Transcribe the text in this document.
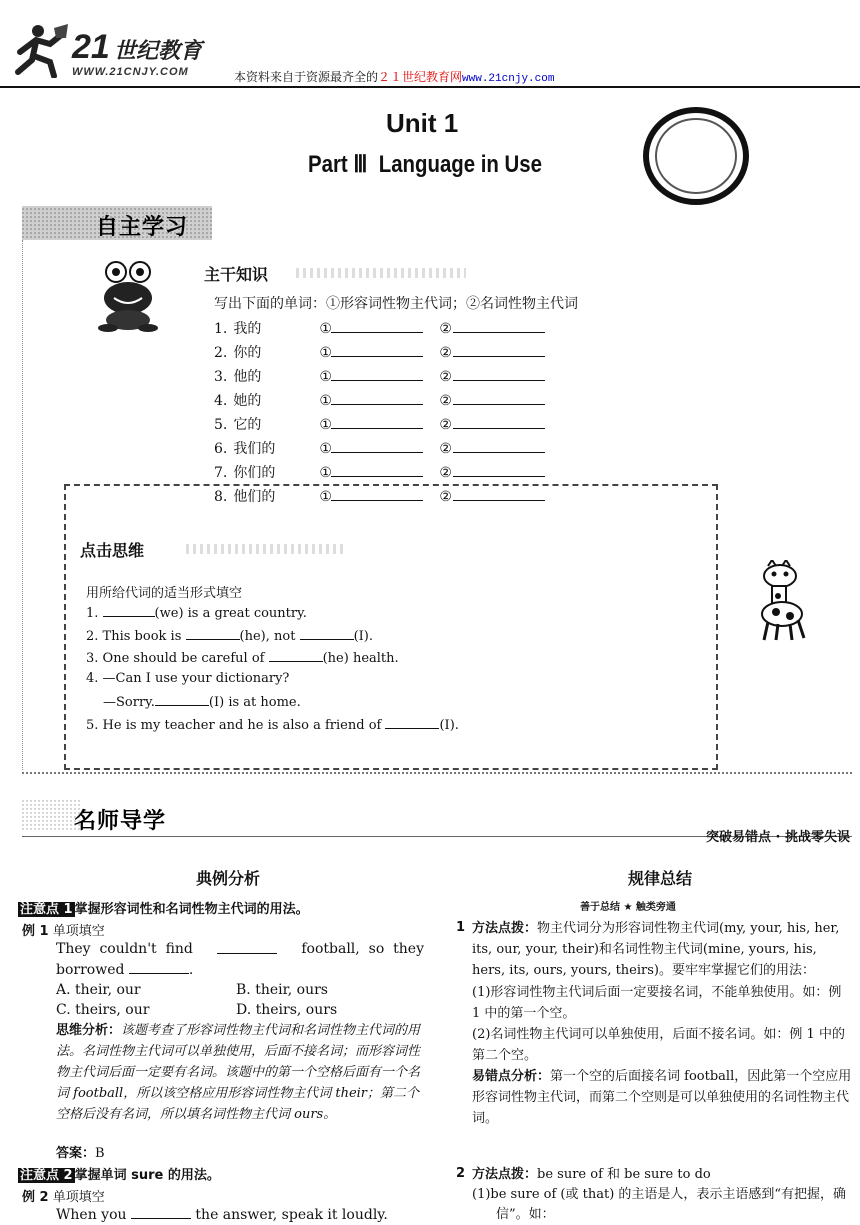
21 世纪教育
WWW.21CNJY.COM	本资料来自于资源最齐全的２１世纪教育网www.21cnjy.com
Unit 1
Part Ⅲ  Language in Use
自主学习
主干知识
写出下面的单词：①形容词性物主代词；②名词性物主代词
1. 我的	①	②
2. 你的	①	②
3. 他的	①	②
4. 她的	①	②
5. 它的	①	②
6. 我们的	①	②
7. 你们的	①	②
8. 他们的	①	②
点击思维
用所给代词的适当形式填空
1.	(we) is a great country.
2. This book is	(he), not	(I).
3. One should be careful of	(he) health.
4. —Can I use your dictionary?
—Sorry.	(I) is at home.
5. He is my teacher and he is also a friend of	(I).
名师导学
突破易错点 · 挑战零失误
典例分析	规律总结
善于总结 ★ 触类旁通
注意点 1 掌握形容词性和名词性物主代词的用法。
例 1 单项填空
They  couldn't  find	football,  so  they
borrowed	.
A. their, our	B. their, ours
C. theirs, our	D. theirs, ours
思维分析：该题考查了形容词性物主代词和名词性物主代词的用法。名词性物主代词可以单独使用，后面不接名词；而形容词性物主代词后面一定要有名词。该题中的第一个空格后面有一个名词 football，所以该空格应用形容词性物主代词 their；第二个空格后没有名词，所以填名词性物主代词 ours。
答案：B
注意点 2 掌握单词 sure 的用法。
例 2 单项填空
When you	the answer, speak it loudly.
1 方法点拨：物主代词分为形容词性物主代词(my, your, his, her, its, our, your, their)和名词性物主代词(mine, yours, his, hers, its, ours, yours, theirs)。要牢牢掌握它们的用法：
(1)形容词性物主代词后面一定要接名词，不能单独使用。如：例 1 中的第一个空。
(2)名词性物主代词可以单独使用，后面不接名词。如：例 1 中的第二个空。
易错点分析：第一个空的后面接名词 football，因此第一个空应用形容词性物主代词，而第二个空则是可以单独使用的名词性物主代词。
2 方法点拨：be sure of 和 be sure to do
(1)be sure of (或 that) 的主语是人，表示主语感到“有把握，确
信”。如：
